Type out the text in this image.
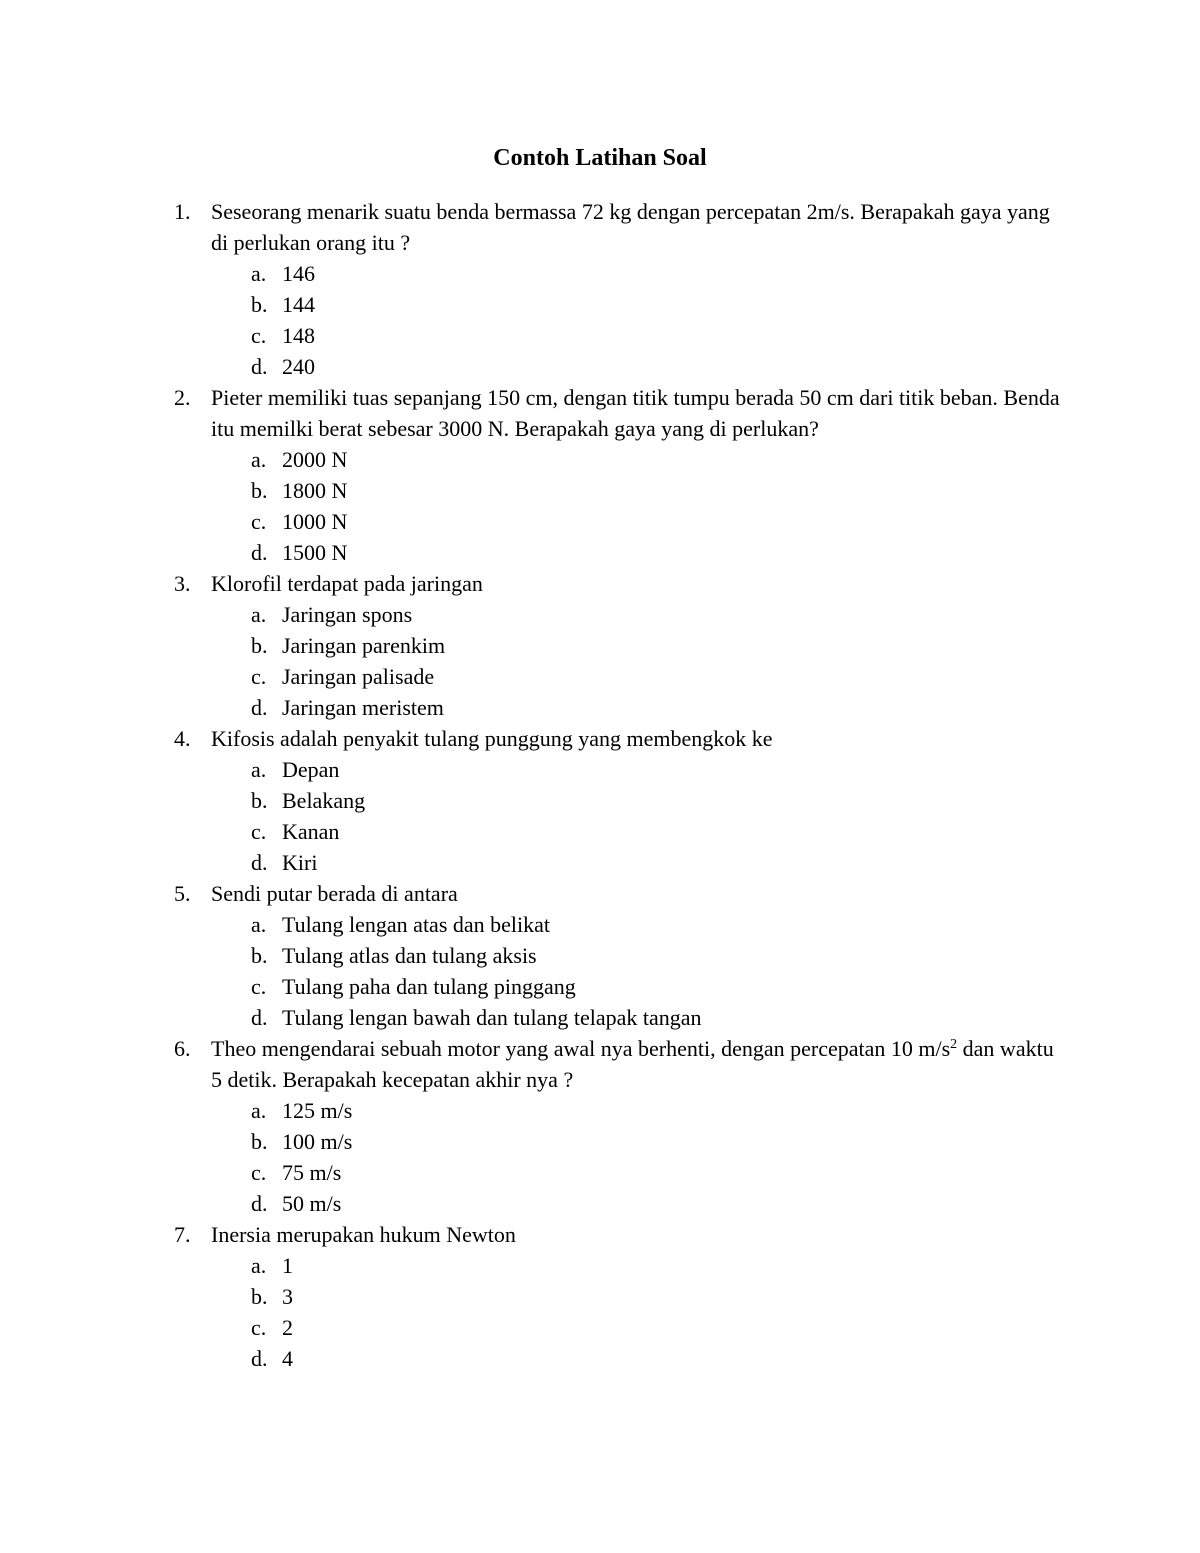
Contoh Latihan Soal
1. Seseorang menarik suatu benda bermassa 72 kg dengan percepatan 2m/s. Berapakah gaya yang di perlukan orang itu ?
a. 146
b. 144
c. 148
d. 240
2. Pieter memiliki tuas sepanjang 150 cm, dengan titik tumpu berada 50 cm dari titik beban. Benda itu memilki berat sebesar 3000 N. Berapakah gaya yang di perlukan?
a. 2000 N
b. 1800 N
c. 1000 N
d. 1500 N
3. Klorofil terdapat pada jaringan
a. Jaringan spons
b. Jaringan parenkim
c. Jaringan palisade
d. Jaringan meristem
4. Kifosis adalah penyakit tulang punggung yang membengkok ke
a. Depan
b. Belakang
c. Kanan
d. Kiri
5. Sendi putar berada di antara
a. Tulang lengan atas dan belikat
b. Tulang atlas dan tulang aksis
c. Tulang paha dan tulang pinggang
d. Tulang lengan bawah dan tulang telapak tangan
6. Theo mengendarai sebuah motor yang awal nya berhenti, dengan percepatan 10 $m/s^2$ dan waktu 5 detik. Berapakah kecepatan akhir nya ?
a. 125 m/s
b. 100 m/s
c. 75 m/s
d. 50 m/s
7. Inersia merupakan hukum Newton
a. 1
b. 3
c. 2
d. 4
